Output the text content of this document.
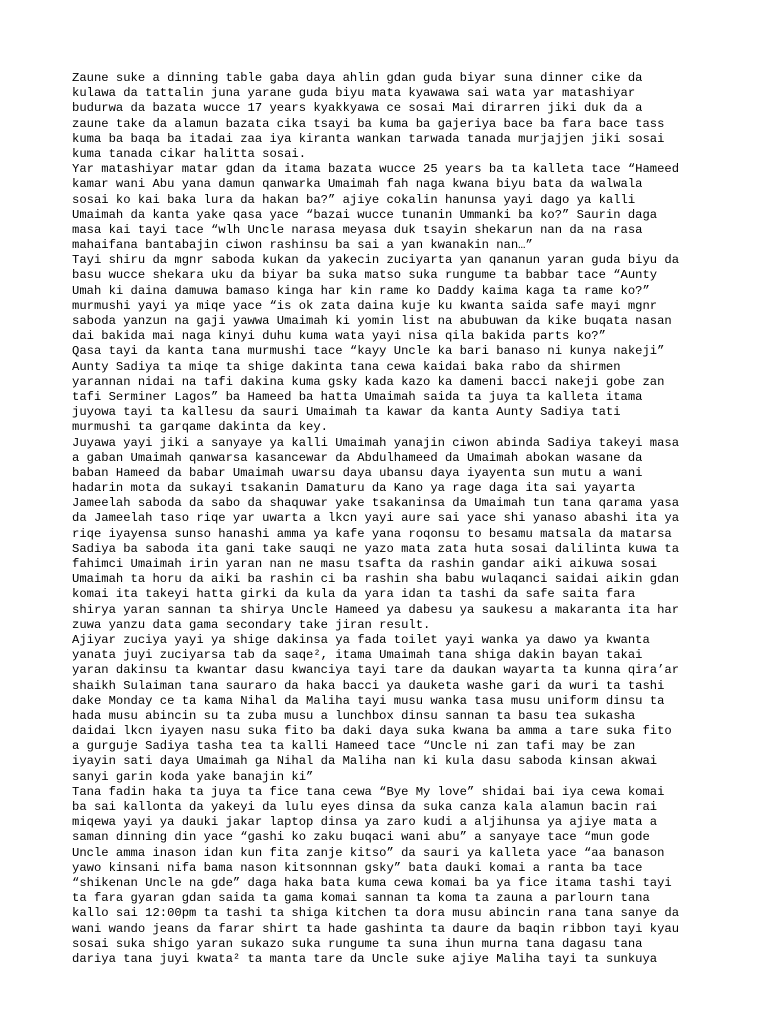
Zaune suke a dinning table gaba daya ahlin gdan guda biyar suna dinner cike da
kulawa da tattalin juna yarane guda biyu mata kyawawa sai wata yar matashiyar
budurwa da bazata wucce 17 years kyakkyawa ce sosai Mai dirarren jiki duk da a
zaune take da alamun bazata cika tsayi ba kuma ba gajeriya bace ba fara bace tass
kuma ba baqa ba itadai zaa iya kiranta wankan tarwada tanada murjajjen jiki sosai
kuma tanada cikar halitta sosai.
Yar matashiyar matar gdan da itama bazata wucce 25 years ba ta kalleta tace “Hameed
kamar wani Abu yana damun qanwarka Umaimah fah naga kwana biyu bata da walwala
sosai ko kai baka lura da hakan ba?” ajiye cokalin hanunsa yayi dago ya kalli
Umaimah da kanta yake qasa yace “bazai wucce tunanin Ummanki ba ko?” Saurin daga
masa kai tayi tace “wlh Uncle narasa meyasa duk tsayin shekarun nan da na rasa
mahaifana bantabajin ciwon rashinsu ba sai a yan kwanakin nan…”
Tayi shiru da mgnr saboda kukan da yakecin zuciyarta yan qananun yaran guda biyu da
basu wucce shekara uku da biyar ba suka matso suka rungume ta babbar tace “Aunty
Umah ki daina damuwa bamaso kinga har kin rame ko Daddy kaima kaga ta rame ko?”
murmushi yayi ya miqe yace “is ok zata daina kuje ku kwanta saida safe mayi mgnr
saboda yanzun na gaji yawwa Umaimah ki yomin list na abubuwan da kike buqata nasan
dai bakida mai naga kinyi duhu kuma wata yayi nisa qila bakida parts ko?”
Qasa tayi da kanta tana murmushi tace “kayy Uncle ka bari banaso ni kunya nakeji”
Aunty Sadiya ta miqe ta shige dakinta tana cewa kaidai baka rabo da shirmen
yarannan nidai na tafi dakina kuma gsky kada kazo ka dameni bacci nakeji gobe zan
tafi Serminer Lagos” ba Hameed ba hatta Umaimah saida ta juya ta kalleta itama
juyowa tayi ta kallesu da sauri Umaimah ta kawar da kanta Aunty Sadiya tati
murmushi ta garqame dakinta da key.
Juyawa yayi jiki a sanyaye ya kalli Umaimah yanajin ciwon abinda Sadiya takeyi masa
a gaban Umaimah qanwarsa kasancewar da Abdulhameed da Umaimah abokan wasane da
baban Hameed da babar Umaimah uwarsu daya ubansu daya iyayenta sun mutu a wani
hadarin mota da sukayi tsakanin Damaturu da Kano ya rage daga ita sai yayarta
Jameelah saboda da sabo da shaquwar yake tsakaninsa da Umaimah tun tana qarama yasa
da Jameelah taso riqe yar uwarta a lkcn yayi aure sai yace shi yanaso abashi ita ya
riqe iyayensa sunso hanashi amma ya kafe yana roqonsu to besamu matsala da matarsa
Sadiya ba saboda ita gani take sauqi ne yazo mata zata huta sosai dalilinta kuwa ta
fahimci Umaimah irin yaran nan ne masu tsafta da rashin gandar aiki aikuwa sosai
Umaimah ta horu da aiki ba rashin ci ba rashin sha babu wulaqanci saidai aikin gdan
komai ita takeyi hatta girki da kula da yara idan ta tashi da safe saita fara
shirya yaran sannan ta shirya Uncle Hameed ya dabesu ya saukesu a makaranta ita har
zuwa yanzu data gama secondary take jiran result.
Ajiyar zuciya yayi ya shige dakinsa ya fada toilet yayi wanka ya dawo ya kwanta
yanata juyi zuciyarsa tab da saqe², itama Umaimah tana shiga dakin bayan takai
yaran dakinsu ta kwantar dasu kwanciya tayi tare da daukan wayarta ta kunna qira’ar
shaikh Sulaiman tana sauraro da haka bacci ya dauketa washe gari da wuri ta tashi
dake Monday ce ta kama Nihal da Maliha tayi musu wanka tasa musu uniform dinsu ta
hada musu abincin su ta zuba musu a lunchbox dinsu sannan ta basu tea sukasha
daidai lkcn iyayen nasu suka fito ba daki daya suka kwana ba amma a tare suka fito
a gurguje Sadiya tasha tea ta kalli Hameed tace “Uncle ni zan tafi may be zan
iyayin sati daya Umaimah ga Nihal da Maliha nan ki kula dasu saboda kinsan akwai
sanyi garin koda yake banajin ki”
Tana fadin haka ta juya ta fice tana cewa “Bye My love” shidai bai iya cewa komai
ba sai kallonta da yakeyi da lulu eyes dinsa da suka canza kala alamun bacin rai
miqewa yayi ya dauki jakar laptop dinsa ya zaro kudi a aljihunsa ya ajiye mata a
saman dinning din yace “gashi ko zaku buqaci wani abu” a sanyaye tace “mun gode
Uncle amma inason idan kun fita zanje kitso” da sauri ya kalleta yace “aa banason
yawo kinsani nifa bama nason kitsonnnan gsky” bata dauki komai a ranta ba tace
“shikenan Uncle na gde” daga haka bata kuma cewa komai ba ya fice itama tashi tayi
ta fara gyaran gdan saida ta gama komai sannan ta koma ta zauna a parlourn tana
kallo sai 12:00pm ta tashi ta shiga kitchen ta dora musu abincin rana tana sanye da
wani wando jeans da farar shirt ta hade gashinta ta daure da baqin ribbon tayi kyau
sosai suka shigo yaran sukazo suka rungume ta suna ihun murna tana dagasu tana
dariya tana juyi kwata² ta manta tare da Uncle suke ajiye Maliha tayi ta sunkuya
